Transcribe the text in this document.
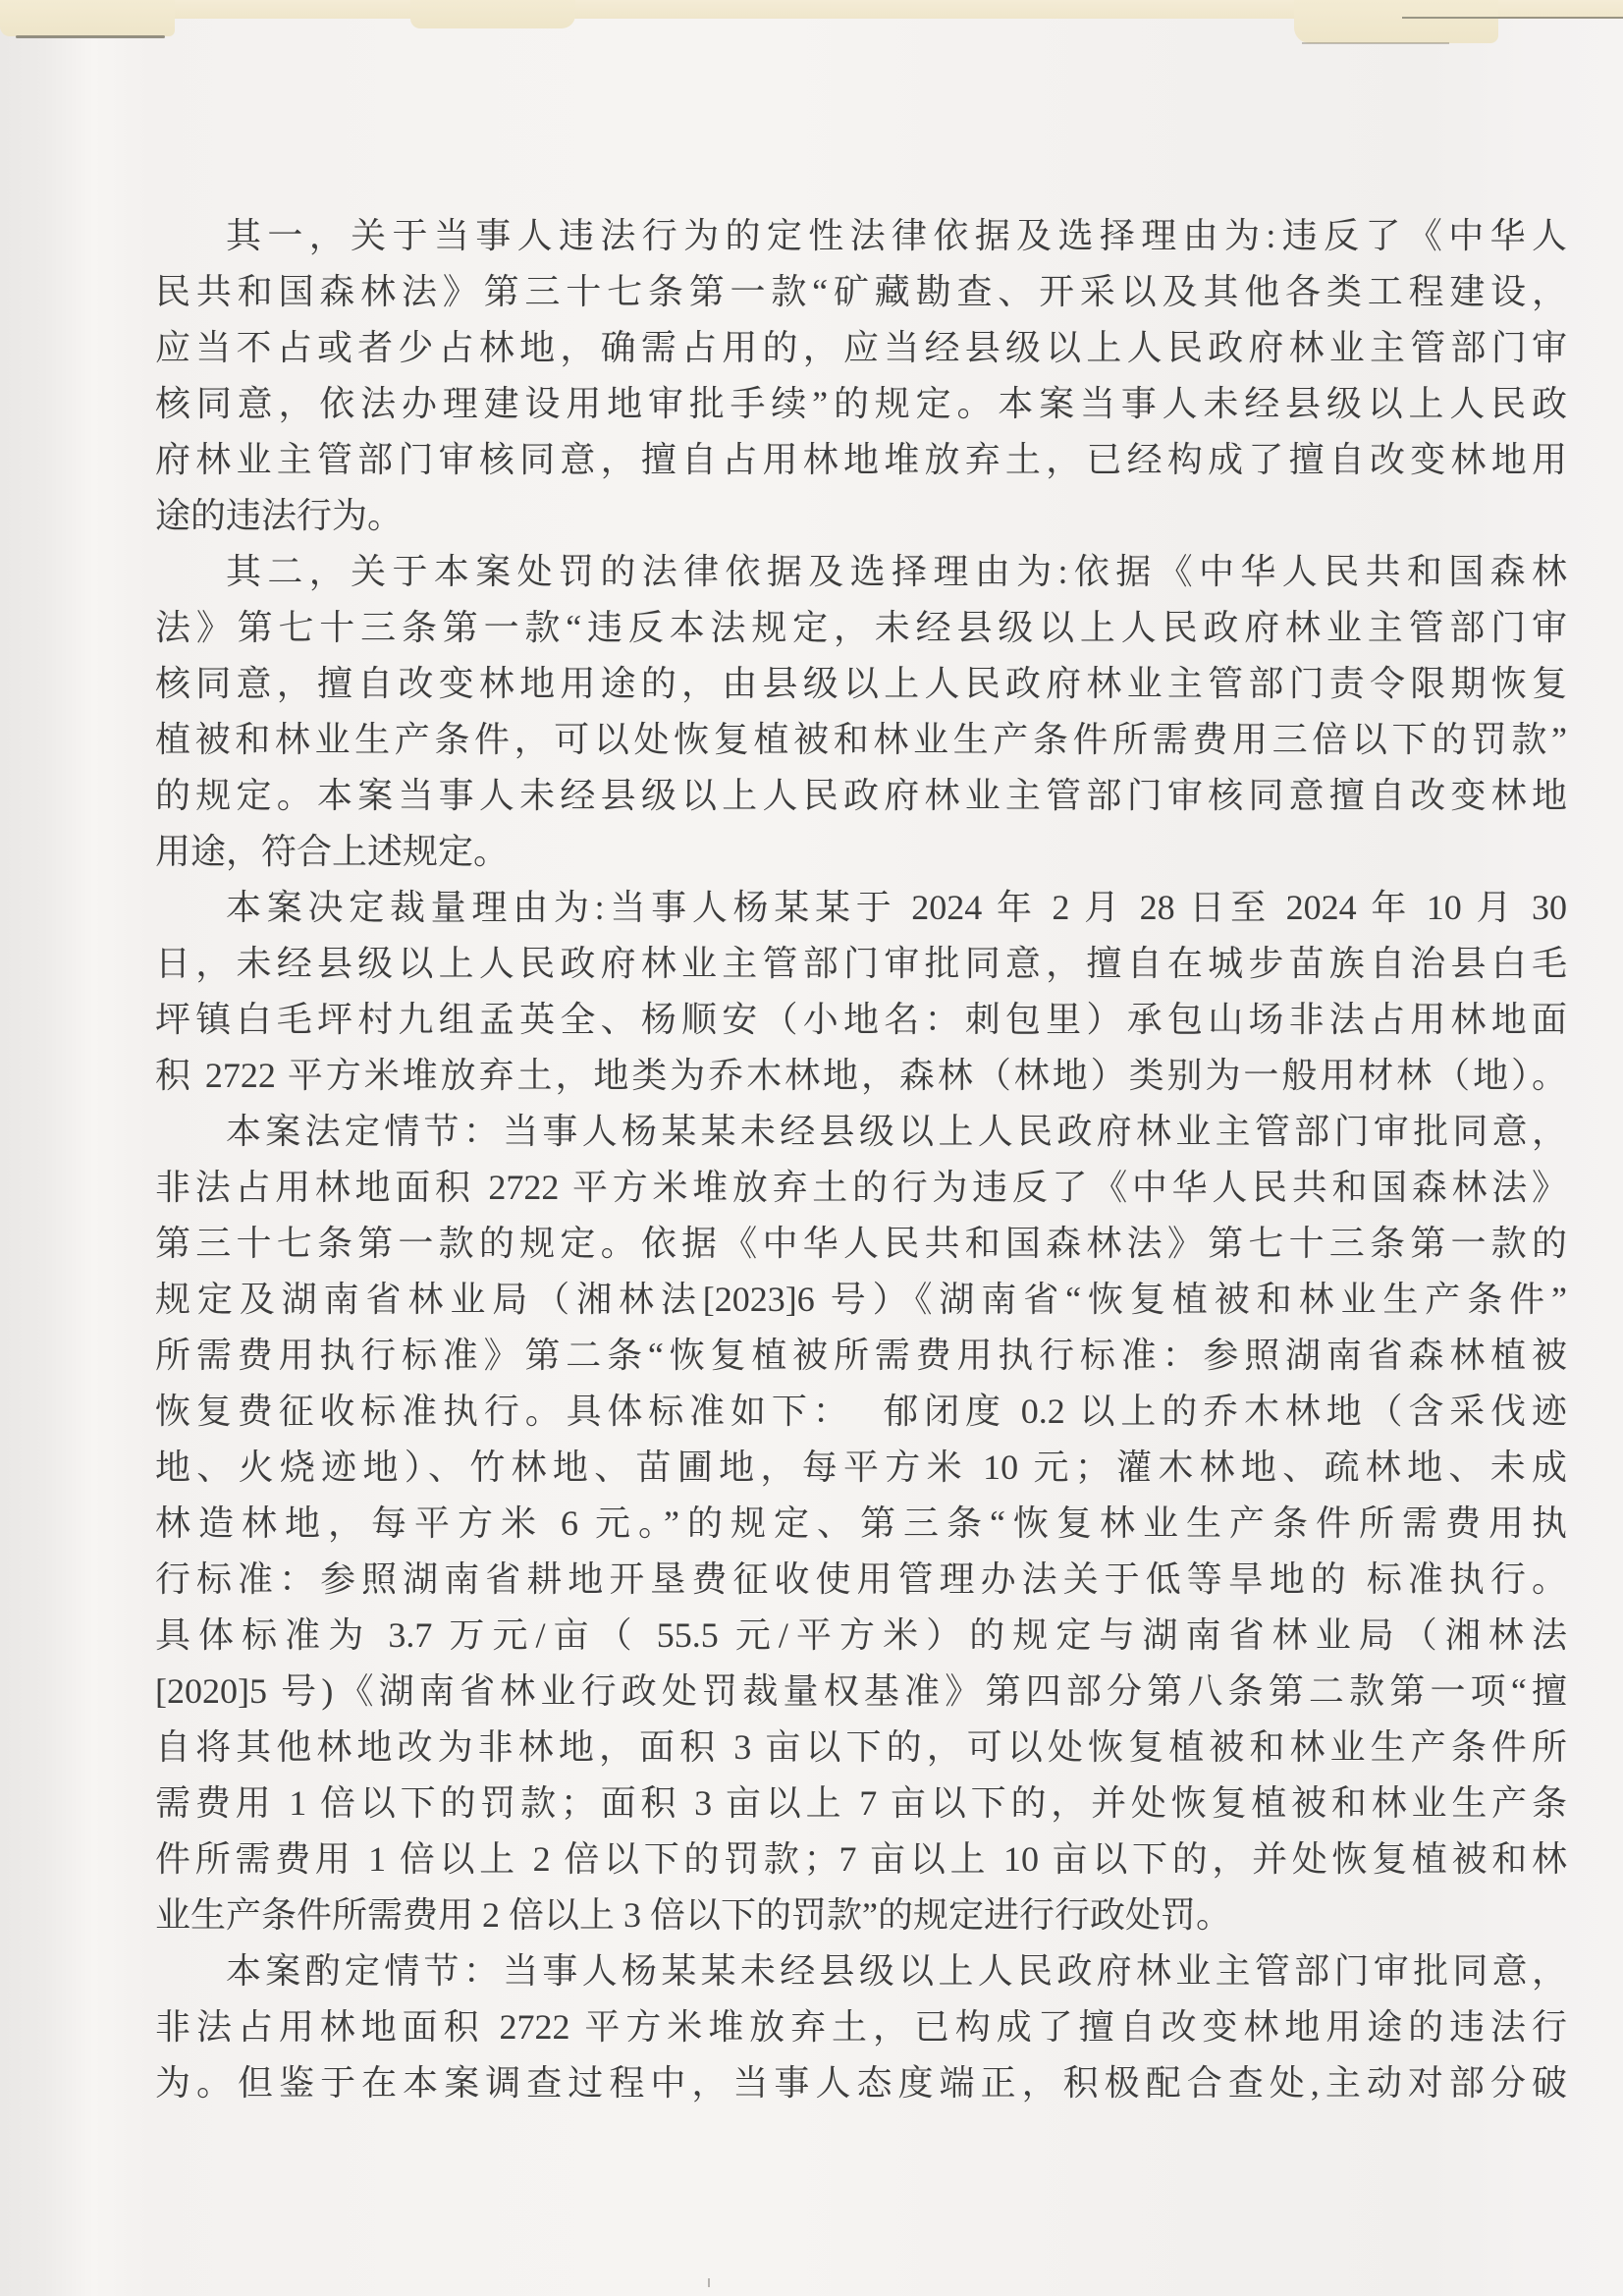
其一，关于当事人违法行为的定性法律依据及选择理由为:违反了《中华人
民共和国森林法》第三十七条第一款“矿藏勘查、开采以及其他各类工程建设，
应当不占或者少占林地，确需占用的，应当经县级以上人民政府林业主管部门审
核同意，依法办理建设用地审批手续”的规定。本案当事人未经县级以上人民政
府林业主管部门审核同意，擅自占用林地堆放弃土，已经构成了擅自改变林地用
途的违法行为。
其二，关于本案处罚的法律依据及选择理由为:依据《中华人民共和国森林
法》第七十三条第一款“违反本法规定，未经县级以上人民政府林业主管部门审
核同意，擅自改变林地用途的，由县级以上人民政府林业主管部门责令限期恢复
植被和林业生产条件，可以处恢复植被和林业生产条件所需费用三倍以下的罚款”
的规定。本案当事人未经县级以上人民政府林业主管部门审核同意擅自改变林地
用途，符合上述规定。
本案决定裁量理由为:当事人杨某某于 2024 年 2 月 28 日至 2024 年 10 月 30
日，未经县级以上人民政府林业主管部门审批同意，擅自在城步苗族自治县白毛
坪镇白毛坪村九组孟英全、杨顺安（小地名：刺包里）承包山场非法占用林地面
积 2722 平方米堆放弃土，地类为乔木林地，森林（林地）类别为一般用材林（地）。
本案法定情节：当事人杨某某未经县级以上人民政府林业主管部门审批同意，
非法占用林地面积 2722 平方米堆放弃土的行为违反了《中华人民共和国森林法》
第三十七条第一款的规定。依据《中华人民共和国森林法》第七十三条第一款的
规定及湖南省林业局（湘林法[2023]6 号）《湖南省“恢复植被和林业生产条件”
所需费用执行标准》第二条“恢复植被所需费用执行标准：参照湖南省森林植被
恢复费征收标准执行。具体标准如下：  郁闭度 0.2 以上的乔木林地（含采伐迹
地、火烧迹地）、竹林地、苗圃地，每平方米 10 元；灌木林地、疏林地、未成
林造林地，每平方米 6 元。”的规定、第三条“恢复林业生产条件所需费用执
行标准：参照湖南省耕地开垦费征收使用管理办法关于低等旱地的 标准执行。
具体标准为 3.7 万元/亩（ 55.5 元/平方米）的规定与湖南省林业局（湘林法
[2020]5 号)《湖南省林业行政处罚裁量权基准》第四部分第八条第二款第一项“擅
自将其他林地改为非林地，面积 3 亩以下的，可以处恢复植被和林业生产条件所
需费用 1 倍以下的罚款；面积 3 亩以上 7 亩以下的，并处恢复植被和林业生产条
件所需费用 1 倍以上 2 倍以下的罚款；7 亩以上 10 亩以下的，并处恢复植被和林
业生产条件所需费用 2 倍以上 3 倍以下的罚款”的规定进行行政处罚。
本案酌定情节：当事人杨某某未经县级以上人民政府林业主管部门审批同意，
非法占用林地面积 2722 平方米堆放弃土，已构成了擅自改变林地用途的违法行
为。但鉴于在本案调查过程中，当事人态度端正，积极配合查处,主动对部分破
